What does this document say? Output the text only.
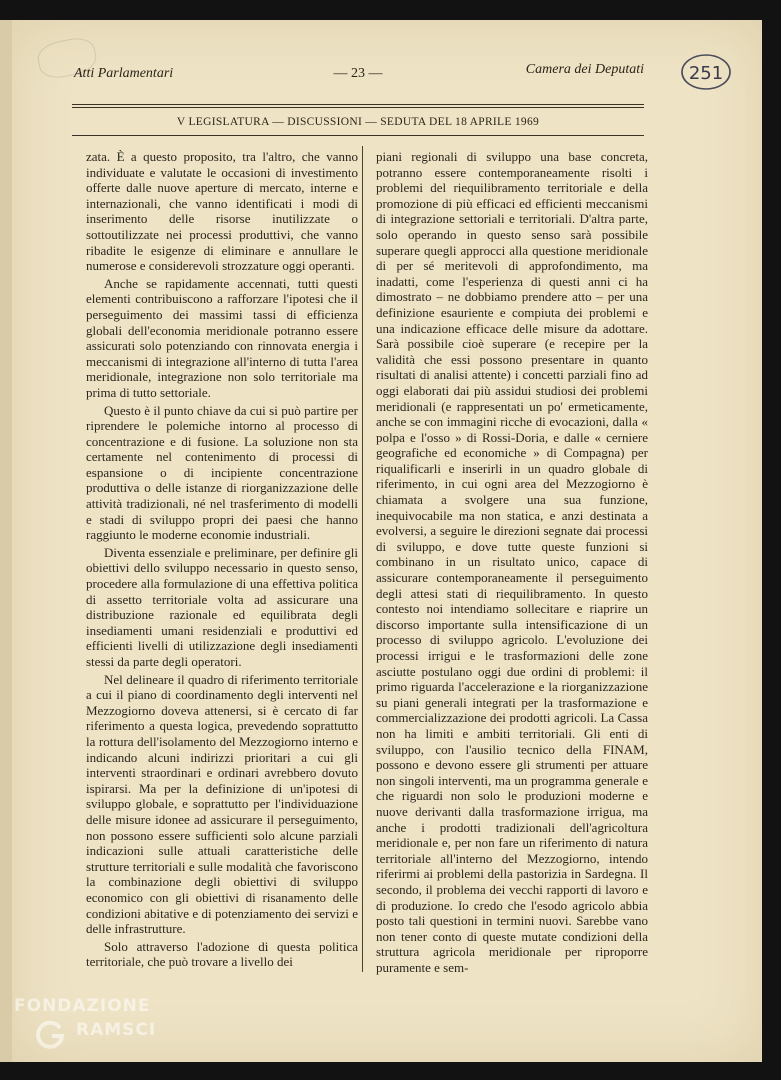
251
Atti Parlamentari	— 23 —	Camera dei Deputati
V LEGISLATURA — DISCUSSIONI — SEDUTA DEL 18 APRILE 1969

zata. È a questo proposito, tra l'altro, che vanno individuate e valutate le occasioni di investimento offerte dalle nuove aperture di mercato, interne e internazionali, che vanno identificati i modi di inserimento delle risorse inutilizzate o sottoutilizzate nei processi produttivi, che vanno ribadite le esigenze di eliminare e annullare le numerose e considerevoli strozzature oggi operanti.

Anche se rapidamente accennati, tutti questi elementi contribuiscono a rafforzare l'ipotesi che il perseguimento dei massimi tassi di efficienza globali dell'economia meridionale potranno essere assicurati solo potenziando con rinnovata energia i meccanismi di integrazione all'interno di tutta l'area meridionale, integrazione non solo territoriale ma prima di tutto settoriale.

Questo è il punto chiave da cui si può partire per riprendere le polemiche intorno al processo di concentrazione e di fusione. La soluzione non sta certamente nel contenimento di processi di espansione o di incipiente concentrazione produttiva o delle istanze di riorganizzazione delle attività tradizionali, né nel trasferimento di modelli e stadi di sviluppo propri dei paesi che hanno raggiunto le moderne economie industriali.

Diventa essenziale e preliminare, per definire gli obiettivi dello sviluppo necessario in questo senso, procedere alla formulazione di una effettiva politica di assetto territoriale volta ad assicurare una distribuzione razionale ed equilibrata degli insediamenti umani residenziali e produttivi ed efficienti livelli di utilizzazione degli insediamenti stessi da parte degli operatori.

Nel delineare il quadro di riferimento territoriale a cui il piano di coordinamento degli interventi nel Mezzogiorno doveva attenersi, si è cercato di far riferimento a questa logica, prevedendo soprattutto la rottura dell'isolamento del Mezzogiorno interno e indicando alcuni indirizzi prioritari a cui gli interventi straordinari e ordinari avrebbero dovuto ispirarsi. Ma per la definizione di un'ipotesi di sviluppo globale, e soprattutto per l'individuazione delle misure idonee ad assicurare il perseguimento, non possono essere sufficienti solo alcune parziali indicazioni sulle attuali caratteristiche delle strutture territoriali e sulle modalità che favoriscono la combinazione degli obiettivi di sviluppo economico con gli obiettivi di risanamento delle condizioni abitative e di potenziamento dei servizi e delle infrastrutture.

Solo attraverso l'adozione di questa politica territoriale, che può trovare a livello dei

piani regionali di sviluppo una base concreta, potranno essere contemporaneamente risolti i problemi del riequilibramento territoriale e della promozione di più efficaci ed efficienti meccanismi di integrazione settoriali e territoriali. D'altra parte, solo operando in questo senso sarà possibile superare quegli approcci alla questione meridionale di per sé meritevoli di approfondimento, ma inadatti, come l'esperienza di questi anni ci ha dimostrato – ne dobbiamo prendere atto – per una definizione esauriente e compiuta dei problemi e una indicazione efficace delle misure da adottare. Sarà possibile cioè superare (e recepire per la validità che essi possono presentare in quanto risultati di analisi attente) i concetti parziali fino ad oggi elaborati dai più assidui studiosi dei problemi meridionali (e rappresentati un po' ermeticamente, anche se con immagini ricche di evocazioni, dalla « polpa e l'osso » di Rossi-Doria, e dalle « cerniere geografiche ed economiche » di Compagna) per riqualificarli e inserirli in un quadro globale di riferimento, in cui ogni area del Mezzogiorno è chiamata a svolgere una sua funzione, inequivocabile ma non statica, e anzi destinata a evolversi, a seguire le direzioni segnate dai processi di sviluppo, e dove tutte queste funzioni si combinano in un risultato unico, capace di assicurare contemporaneamente il perseguimento degli attesi stati di riequilibramento. In questo contesto noi intendiamo sollecitare e riaprire un discorso importante sulla intensificazione di un processo di sviluppo agricolo. L'evoluzione dei processi irrigui e le trasformazioni delle zone asciutte postulano oggi due ordini di problemi: il primo riguarda l'accelerazione e la riorganizzazione su piani generali integrati per la trasformazione e commercializzazione dei prodotti agricoli. La Cassa non ha limiti e ambiti territoriali. Gli enti di sviluppo, con l'ausilio tecnico della FINAM, possono e devono essere gli strumenti per attuare non singoli interventi, ma un programma generale e che riguardi non solo le produzioni moderne e nuove derivanti dalla trasformazione irrigua, ma anche i prodotti tradizionali dell'agricoltura meridionale e, per non fare un riferimento di natura territoriale all'interno del Mezzogiorno, intendo riferirmi ai problemi della pastorizia in Sardegna. Il secondo, il problema dei vecchi rapporti di lavoro e di produzione. Io credo che l'esodo agricolo abbia posto tali questioni in termini nuovi. Sarebbe vano non tener conto di queste mutate condizioni della struttura agricola meridionale per riproporre puramente e sem-

FONDAZIONE
RAMSCI
